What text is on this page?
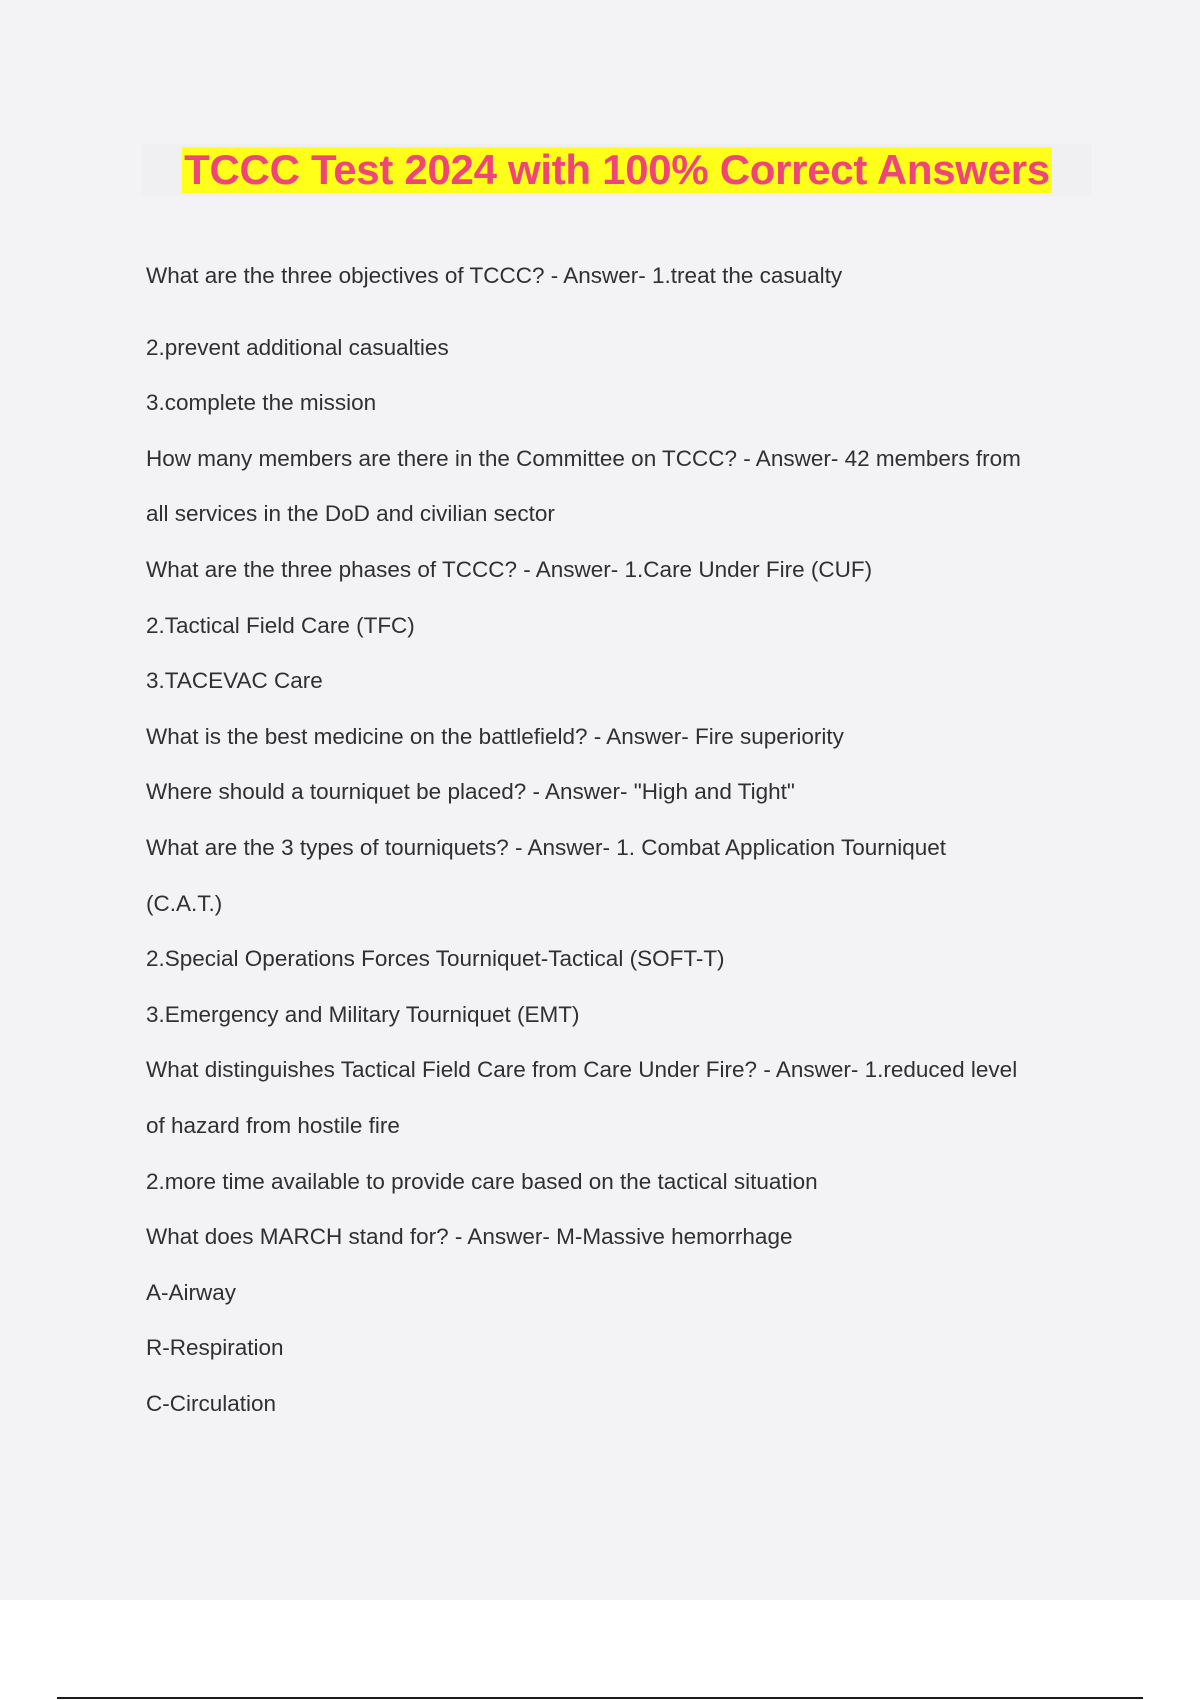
TCCC Test 2024 with 100% Correct Answers
What are the three objectives of TCCC? - Answer- 1.treat the casualty
2.prevent additional casualties
3.complete the mission
How many members are there in the Committee on TCCC? - Answer- 42 members from
all services in the DoD and civilian sector
What are the three phases of TCCC? - Answer- 1.Care Under Fire (CUF)
2.Tactical Field Care (TFC)
3.TACEVAC Care
What is the best medicine on the battlefield? - Answer- Fire superiority
Where should a tourniquet be placed? - Answer- "High and Tight"
What are the 3 types of tourniquets? - Answer- 1. Combat Application Tourniquet
(C.A.T.)
2.Special Operations Forces Tourniquet-Tactical (SOFT-T)
3.Emergency and Military Tourniquet (EMT)
What distinguishes Tactical Field Care from Care Under Fire? - Answer- 1.reduced level
of hazard from hostile fire
2.more time available to provide care based on the tactical situation
What does MARCH stand for? - Answer- M-Massive hemorrhage
A-Airway
R-Respiration
C-Circulation
